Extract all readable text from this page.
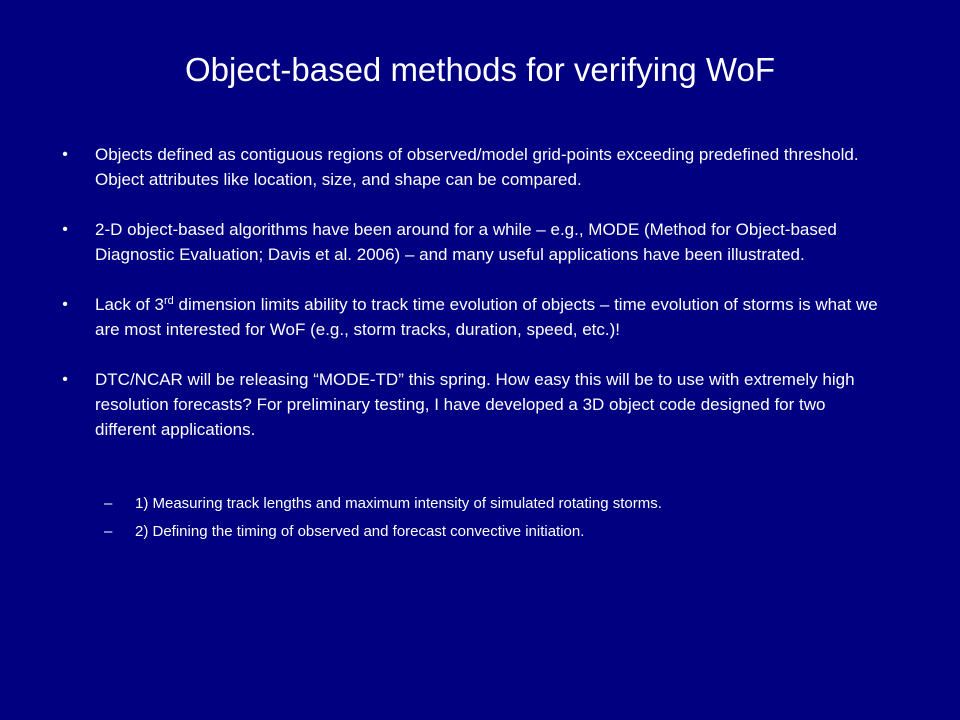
Object-based methods for verifying WoF
• Objects defined as contiguous regions of observed/model grid-points exceeding predefined threshold. Object attributes like location, size, and shape can be compared.
• 2-D object-based algorithms have been around for a while – e.g., MODE (Method for Object-based Diagnostic Evaluation; Davis et al. 2006) – and many useful applications have been illustrated.
• Lack of 3rd dimension limits ability to track time evolution of objects – time evolution of storms is what we are most interested for WoF (e.g., storm tracks, duration, speed, etc.)!
• DTC/NCAR will be releasing “MODE-TD” this spring. How easy this will be to use with extremely high resolution forecasts? For preliminary testing, I have developed a 3D object code designed for two different applications.
–	1) Measuring track lengths and maximum intensity of simulated rotating storms.
–	2) Defining the timing of observed and forecast convective initiation.
